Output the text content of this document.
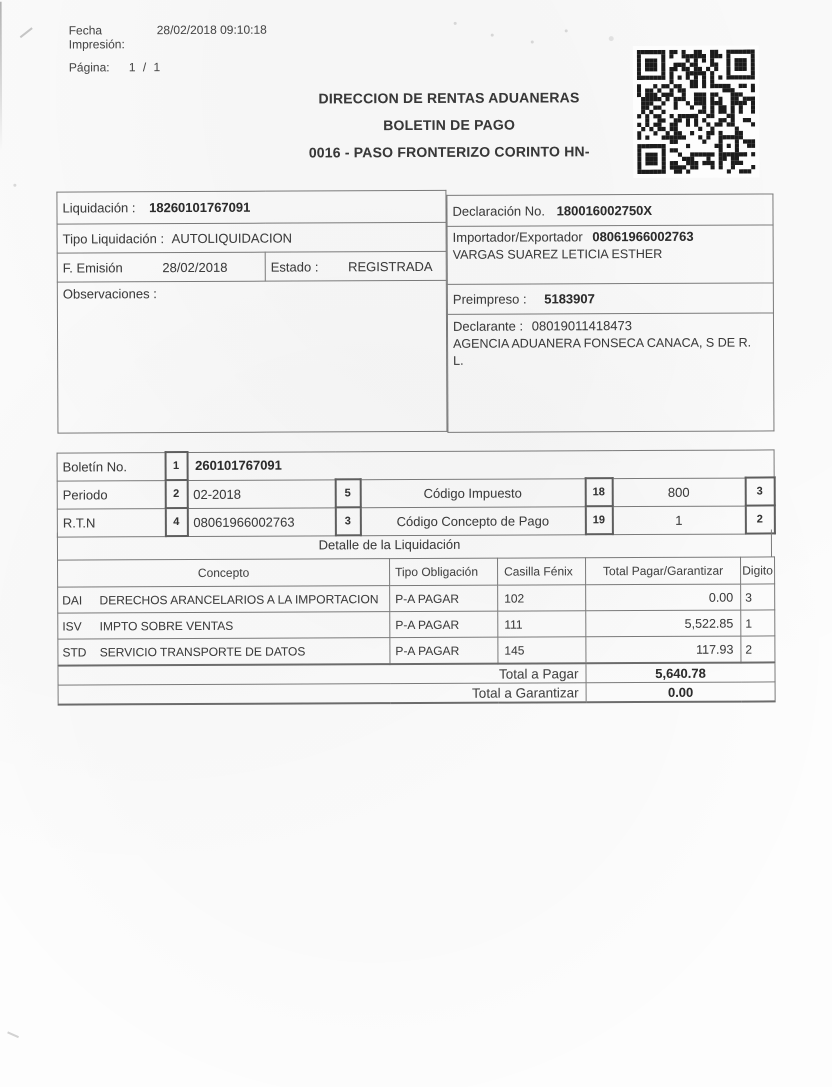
Fecha Impresión:
28/02/2018 09:10:18
Página:	1 / 1
DIRECCION DE RENTAS ADUANERAS
BOLETIN DE PAGO
0016 - PASO FRONTERIZO CORINTO HN-
Liquidación : 18260101767091
Tipo Liquidación : AUTOLIQUIDACION
F. Emisión	28/02/2018	Estado : REGISTRADA
Observaciones :
Declaración No. 180016002750X

Importador/Exportador 08061966002763
VARGAS SUAREZ LETICIA ESTHER

Preimpreso : 5183907

Declarante : 08019011418473
AGENCIA ADUANERA FONSECA CANACA, S DE R. L.
Boletín No.	1	260101767091					
Periodo	2	02-2018	5	Código Impuesto	18	800	3
R.T.N	4	08061966002763	3	Código Concepto de Pago	19	1	2
Detalle de la Liquidación
Concepto	Tipo Obligación	Casilla Fénix	Total Pagar/Garantizar	Digito
DAI DERECHOS ARANCELARIOS A LA IMPORTACION	P-A PAGAR	102	0.00	3
ISV IMPTO SOBRE VENTAS	P-A PAGAR	111	5,522.85	1
STD SERVICIO TRANSPORTE DE DATOS	P-A PAGAR	145	117.93	2
Total a Pagar			5,640.78	
Total a Garantizar			0.00	
